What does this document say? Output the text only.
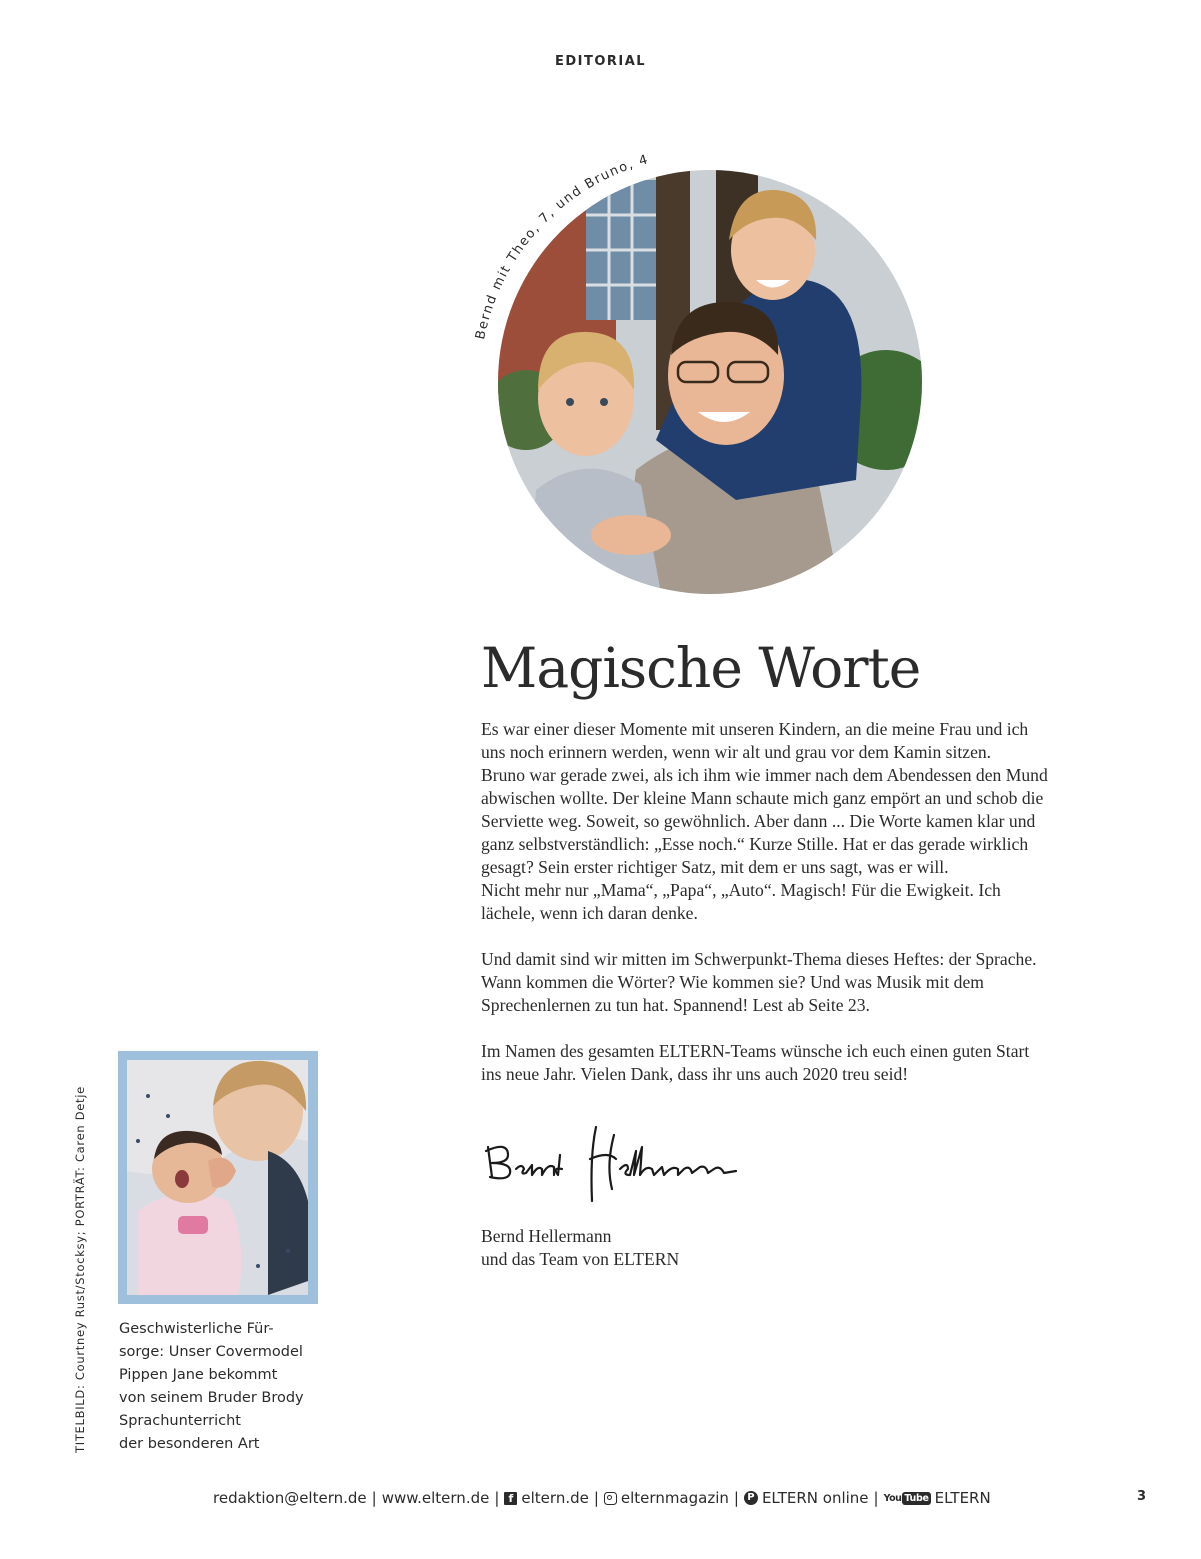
EDITORIAL
Bernd mit Theo, 7, und Bruno, 4
Magische Worte

Es war einer dieser Momente mit unseren Kindern, an die meine Frau und ich
uns noch erinnern werden, wenn wir alt und grau vor dem Kamin sitzen.
Bruno war gerade zwei, als ich ihm wie immer nach dem Abendessen den Mund
abwischen wollte. Der kleine Mann schaute mich ganz empört an und schob die
Serviette weg. Soweit, so gewöhnlich. Aber dann ... Die Worte kamen klar und
ganz selbstverständlich: „Esse noch.“ Kurze Stille. Hat er das gerade wirklich
gesagt? Sein erster richtiger Satz, mit dem er uns sagt, was er will.
Nicht mehr nur „Mama“, „Papa“, „Auto“. Magisch! Für die Ewigkeit. Ich
lächele, wenn ich daran denke.

Und damit sind wir mitten im Schwerpunkt-Thema dieses Heftes: der Sprache.
Wann kommen die Wörter? Wie kommen sie? Und was Musik mit dem
Sprechenlernen zu tun hat. Spannend! Lest ab Seite 23.

Im Namen des gesamten ELTERN-Teams wünsche ich euch einen guten Start
ins neue Jahr. Vielen Dank, dass ihr uns auch 2020 treu seid!

Bernd Hellermann
und das Team von ELTERN
TITELBILD: Courtney Rust/Stocksy; PORTRÄT: Caren Detje Geschwisterliche Für-
sorge: Unser Covermodel
Pippen Jane bekommt
von seinem Bruder Brody
Sprachunterricht
der besonderen Art
redaktion@eltern.de | www.eltern.de | f eltern.de | elternmagazin | P ELTERN online | You Tube ELTERN	3
